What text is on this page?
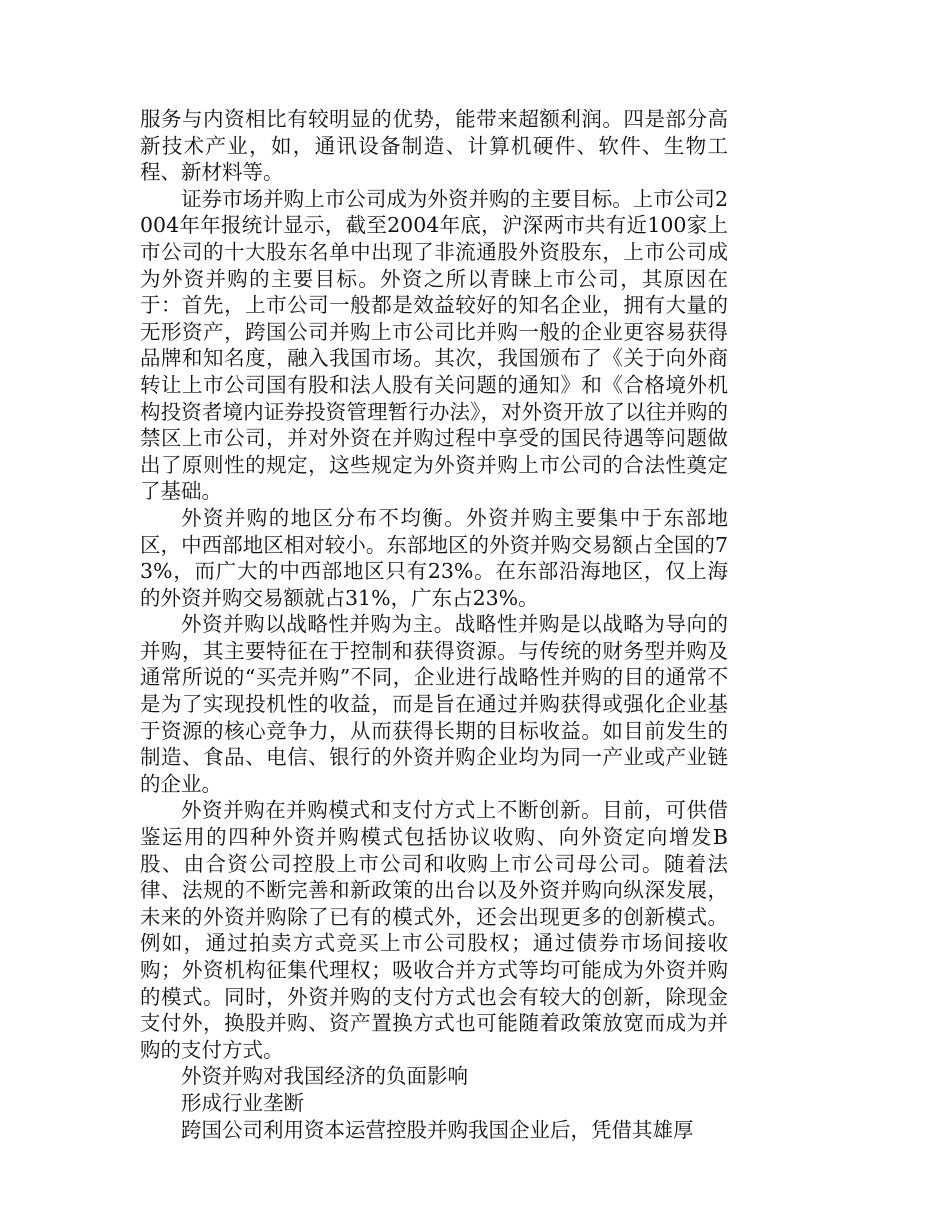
服务与内资相比有较明显的优势，能带来超额利润。四是部分高新技术产业，如，通讯设备制造、计算机硬件、软件、生物工程、新材料等。

证券市场并购上市公司成为外资并购的主要目标。上市公司2004年年报统计显示，截至2004年底，沪深两市共有近100家上市公司的十大股东名单中出现了非流通股外资股东，上市公司成为外资并购的主要目标。外资之所以青睐上市公司，其原因在于：首先，上市公司一般都是效益较好的知名企业，拥有大量的无形资产，跨国公司并购上市公司比并购一般的企业更容易获得品牌和知名度，融入我国市场。其次，我国颁布了《关于向外商转让上市公司国有股和法人股有关问题的通知》和《合格境外机构投资者境内证券投资管理暂行办法》，对外资开放了以往并购的禁区上市公司，并对外资在并购过程中享受的国民待遇等问题做出了原则性的规定，这些规定为外资并购上市公司的合法性奠定了基础。

外资并购的地区分布不均衡。外资并购主要集中于东部地区，中西部地区相对较小。东部地区的外资并购交易额占全国的73%，而广大的中西部地区只有23%。在东部沿海地区，仅上海的外资并购交易额就占31%，广东占23%。

外资并购以战略性并购为主。战略性并购是以战略为导向的并购，其主要特征在于控制和获得资源。与传统的财务型并购及通常所说的“买壳并购”不同，企业进行战略性并购的目的通常不是为了实现投机性的收益，而是旨在通过并购获得或强化企业基于资源的核心竞争力，从而获得长期的目标收益。如目前发生的制造、食品、电信、银行的外资并购企业均为同一产业或产业链的企业。

外资并购在并购模式和支付方式上不断创新。目前，可供借鉴运用的四种外资并购模式包括协议收购、向外资定向增发B股、由合资公司控股上市公司和收购上市公司母公司。随着法律、法规的不断完善和新政策的出台以及外资并购向纵深发展，未来的外资并购除了已有的模式外，还会出现更多的创新模式。例如，通过拍卖方式竞买上市公司股权；通过债券市场间接收购；外资机构征集代理权；吸收合并方式等均可能成为外资并购的模式。同时，外资并购的支付方式也会有较大的创新，除现金支付外，换股并购、资产置换方式也可能随着政策放宽而成为并购的支付方式。

外资并购对我国经济的负面影响

形成行业垄断

跨国公司利用资本运营控股并购我国企业后，凭借其雄厚
